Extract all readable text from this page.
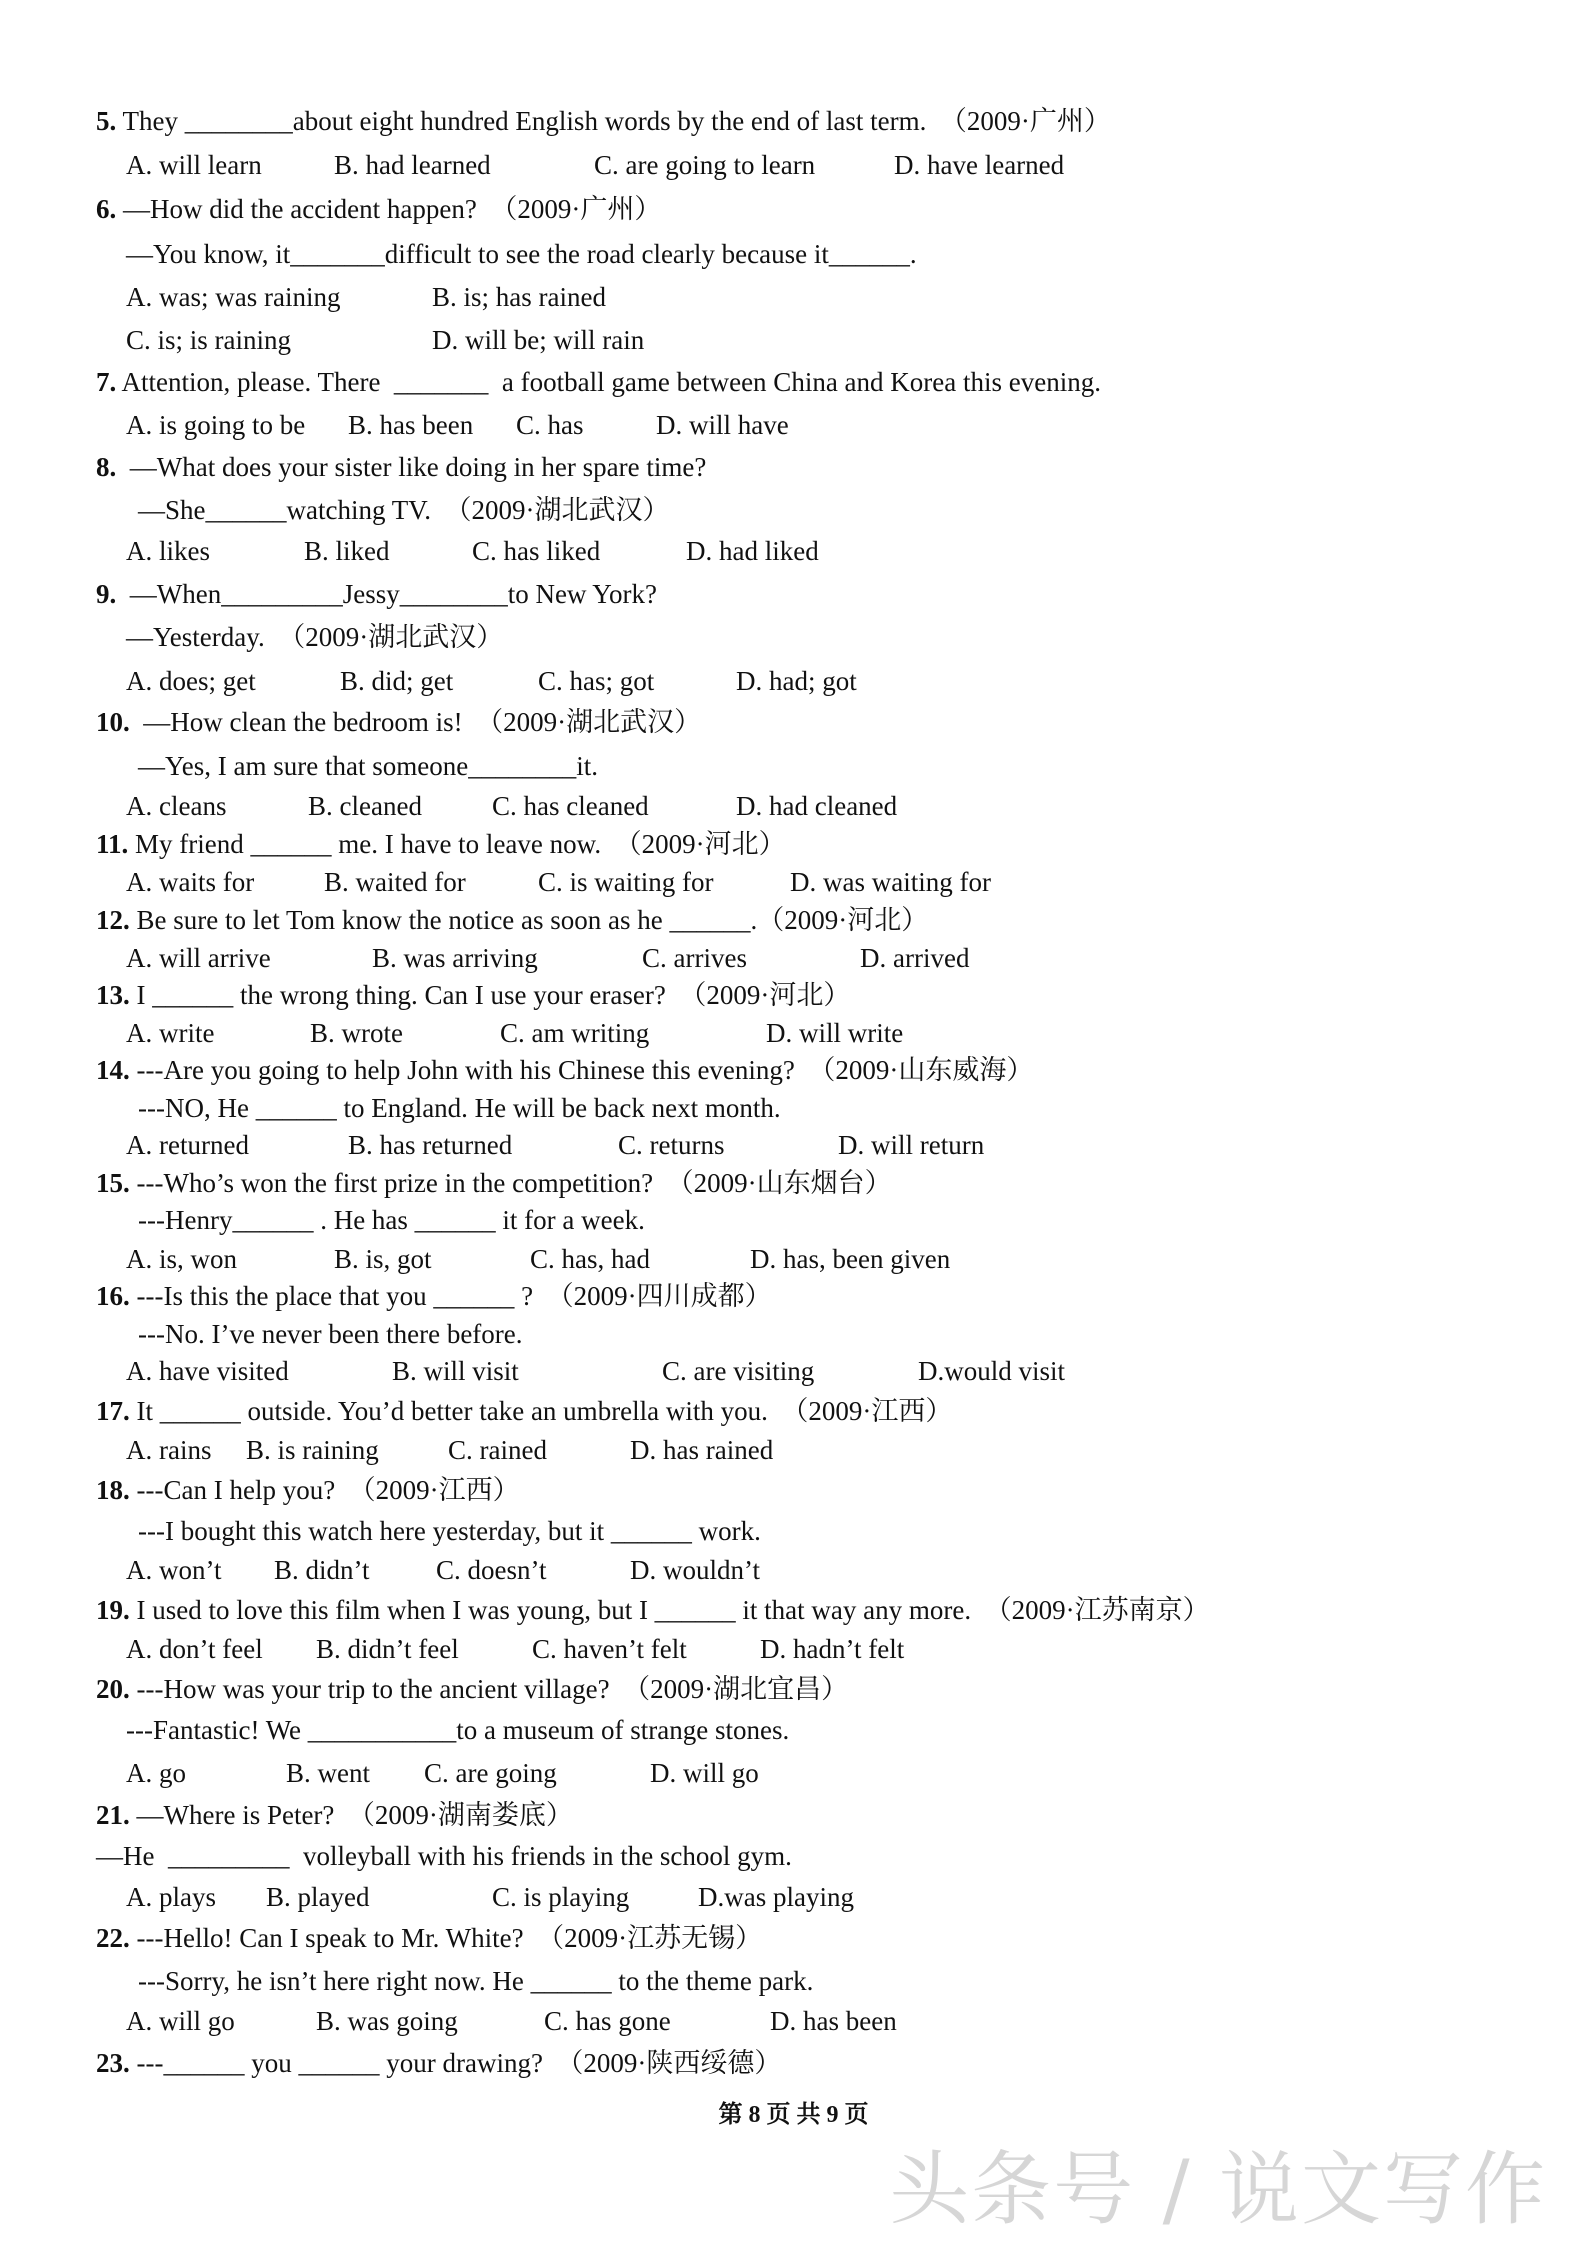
5. They ________about eight hundred English words by the end of last term.  （2009·广州）
A. will learn	B. had learned	C. are going to learn	D. have learned
6. —How did the accident happen?  （2009·广州）
—You know, it_______difficult to see the road clearly because it______.
A. was; was raining	B. is; has rained
C. is; is raining	D. will be; will rain
7. Attention, please. There  _______  a football game between China and Korea this evening.
A. is going to be B. has been C. has	D. will have
8.  —What does your sister like doing in her spare time?
—She______watching TV.  （2009·湖北武汉）
A. likes	B. liked	C. has liked	D. had liked
9.  —When_________Jessy________to New York?
—Yesterday.  （2009·湖北武汉）
A. does; get	B. did; get	C. has; got	D. had; got
10.  —How clean the bedroom is!  （2009·湖北武汉）
—Yes, I am sure that someone________it.
A. cleans	B. cleaned	C. has cleaned	D. had cleaned
11. My friend ______ me. I have to leave now.  （2009·河北）
A. waits for	B. waited for	C. is waiting for	D. was waiting for
12. Be sure to let Tom know the notice as soon as he ______.（2009·河北）
A. will arrive	B. was arriving	C. arrives	D. arrived
13. I ______ the wrong thing. Can I use your eraser?  （2009·河北）
A. write	B. wrote	C. am writing	D. will write
14. ---Are you going to help John with his Chinese this evening?  （2009·山东威海）
---NO, He ______ to England. He will be back next month.
A. returned	B. has returned	C. returns	D. will return
15. ---Who’s won the first prize in the competition?  （2009·山东烟台）
---Henry______ . He has ______ it for a week.
A. is, won	B. is, got	C. has, had	D. has, been given
16. ---Is this the place that you ______ ?  （2009·四川成都）
---No. I’ve never been there before.
A. have visited	B. will visit	C. are visiting	D.would visit
17. It ______ outside. You’d better take an umbrella with you.  （2009·江西）
A. rains B. is raining	C. rained	D. has rained
18. ---Can I help you?  （2009·江西）
---I bought this watch here yesterday, but it ______ work.
A. won’t B. didn’t C. doesn’t	D. wouldn’t
19. I used to love this film when I was young, but I ______ it that way any more.  （2009·江苏南京）
A. don’t feel B. didn’t feel	C. haven’t felt	D. hadn’t felt
20. ---How was your trip to the ancient village?  （2009·湖北宜昌）
---Fantastic! We ___________to a museum of strange stones.
A. go	B. went C. are going	D. will go
21. —Where is Peter?  （2009·湖南娄底）
—He  _________  volleyball with his friends in the school gym.
A. plays B. played	C. is playing	D.was playing
22. ---Hello! Can I speak to Mr. White?  （2009·江苏无锡）
---Sorry, he isn’t here right now. He ______ to the theme park.
A. will go	B. was going	C. has gone	D. has been
23. ---______ you ______ your drawing?  （2009·陕西绥德）
第 8 页 共 9 页
头条号 / 说文写作
